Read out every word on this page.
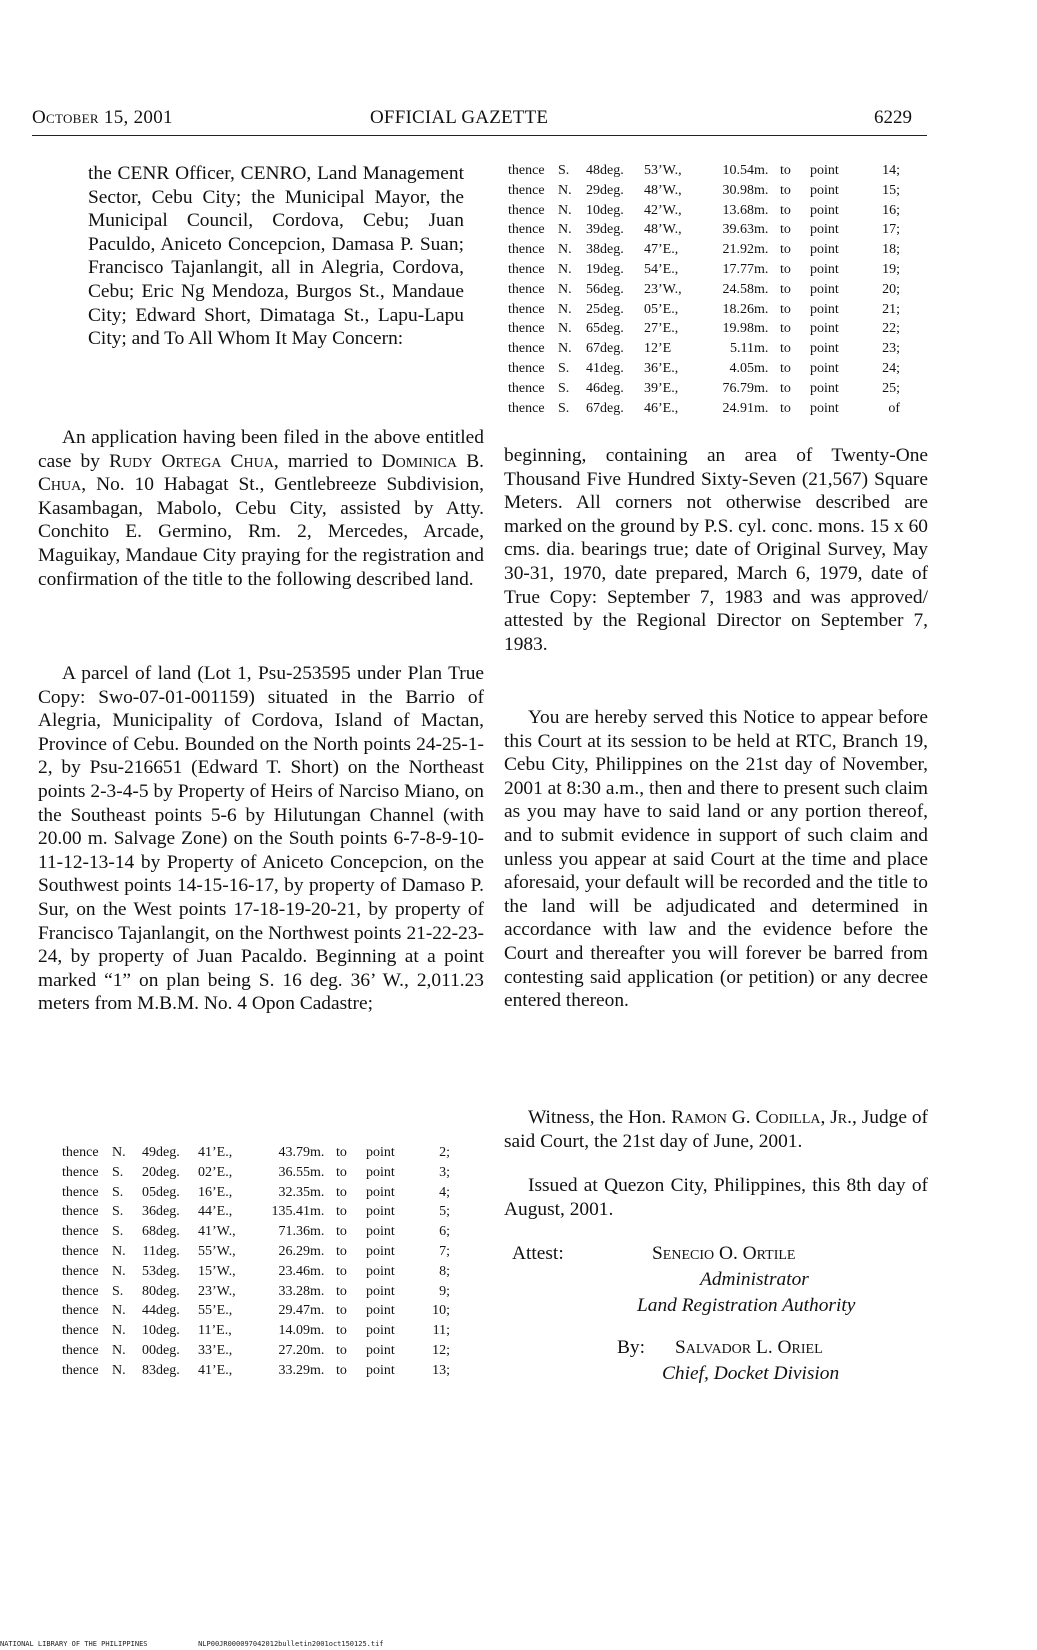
October 15, 2001	OFFICIAL GAZETTE	6229

the CENR Officer, CENRO, Land Management Sector, Cebu City; the Municipal Mayor, the Municipal Council, Cordova, Cebu; Juan Paculdo, Aniceto Concepcion, Damasa P. Suan; Francisco Tajanlangit, all in Alegria, Cordova, Cebu; Eric Ng Mendoza, Burgos St., Mandaue City; Edward Short, Dimataga St., Lapu-Lapu City; and To All Whom It May Concern:

An application having been filed in the above entitled case by Rudy Ortega Chua, married to Dominica B. Chua, No. 10 Habagat St., Gentlebreeze Subdivision, Kasambagan, Mabolo, Cebu City, assisted by Atty. Conchito E. Germino, Rm. 2, Mercedes, Arcade, Maguikay, Mandaue City praying for the registration and confirmation of the title to the following described land.

A parcel of land (Lot 1, Psu-253595 under Plan True Copy: Swo-07-01-001159) situated in the Barrio of Alegria, Municipality of Cordova, Island of Mactan, Province of Cebu. Bounded on the North points 24-25-1-2, by Psu-216651 (Edward T. Short) on the Northeast points 2-3-4-5 by Property of Heirs of Narciso Miano, on the Southeast points 5-6 by Hilutungan Channel (with 20.00 m. Salvage Zone) on the South points 6-7-8-9-10-11-12-13-14 by Property of Aniceto Concepcion, on the Southwest points 14-15-16-17, by property of Damaso P. Sur, on the West points 17-18-19-20-21, by property of Francisco Tajanlangit, on the Northwest points 21-22-23-24, by property of Juan Pacaldo. Beginning at a point marked “1” on plan being S. 16 deg. 36’ W., 2,011.23 meters from M.B.M. No. 4 Opon Cadastre;

thence	N.	49	deg.	41’E.,	43.79	m.	to	point	2;
thence	S.	20	deg.	02’E.,	36.55	m.	to	point	3;
thence	S.	05	deg.	16’E.,	32.35	m.	to	point	4;
thence	S.	36	deg.	44’E.,	135.41	m.	to	point	5;
thence	S.	68	deg.	41’W.,	71.36	m.	to	point	6;
thence	N.	11	deg.	55’W.,	26.29	m.	to	point	7;
thence	N.	53	deg.	15’W.,	23.46	m.	to	point	8;
thence	S.	80	deg.	23’W.,	33.28	m.	to	point	9;
thence	N.	44	deg.	55’E.,	29.47	m.	to	point	10;
thence	N.	10	deg.	11’E.,	14.09	m.	to	point	11;
thence	N.	00	deg.	33’E.,	27.20	m.	to	point	12;
thence	N.	83	deg.	41’E.,	33.29	m.	to	point	13;
thence	S.	48	deg.	53’W.,	10.54	m.	to	point	14;
thence	N.	29	deg.	48’W.,	30.98	m.	to	point	15;
thence	N.	10	deg.	42’W.,	13.68	m.	to	point	16;
thence	N.	39	deg.	48’W.,	39.63	m.	to	point	17;
thence	N.	38	deg.	47’E.,	21.92	m.	to	point	18;
thence	N.	19	deg.	54’E.,	17.77	m.	to	point	19;
thence	N.	56	deg.	23’W.,	24.58	m.	to	point	20;
thence	N.	25	deg.	05’E.,	18.26	m.	to	point	21;
thence	N.	65	deg.	27’E.,	19.98	m.	to	point	22;
thence	N.	67	deg.	12’E	5.11	m.	to	point	23;
thence	S.	41	deg.	36’E.,	4.05	m.	to	point	24;
thence	S.	46	deg.	39’E.,	76.79	m.	to	point	25;
thence	S.	67	deg.	46’E.,	24.91	m.	to	point	of

beginning, containing an area of Twenty-One Thousand Five Hundred Sixty-Seven (21,567) Square Meters. All corners not otherwise described are marked on the ground by P.S. cyl. conc. mons. 15 x 60 cms. dia. bearings true; date of Original Survey, May 30-31, 1970, date prepared, March 6, 1979, date of True Copy: September 7, 1983 and was approved/ attested by the Regional Director on September 7, 1983.

You are hereby served this Notice to appear before this Court at its session to be held at RTC, Branch 19, Cebu City, Philippines on the 21st day of November, 2001 at 8:30 a.m., then and there to present such claim as you may have to said land or any portion thereof, and to submit evidence in support of such claim and unless you appear at said Court at the time and place aforesaid, your default will be recorded and the title to the land will be adjudicated and determined in accordance with law and the evidence before the Court and thereafter you will forever be barred from contesting said application (or petition) or any decree entered thereon.

Witness, the Hon. Ramon G. Codilla, Jr., Judge of said Court, the 21st day of June, 2001.

Issued at Quezon City, Philippines, this 8th day of August, 2001.

Attest:	Senecio O. Ortile
Administrator
Land Registration Authority
By: Salvador L. Oriel
Chief, Docket Division
NATIONAL LIBRARY OF THE PHILIPPINES	NLP00JR000097042012bulletin2001oct150125.tif
